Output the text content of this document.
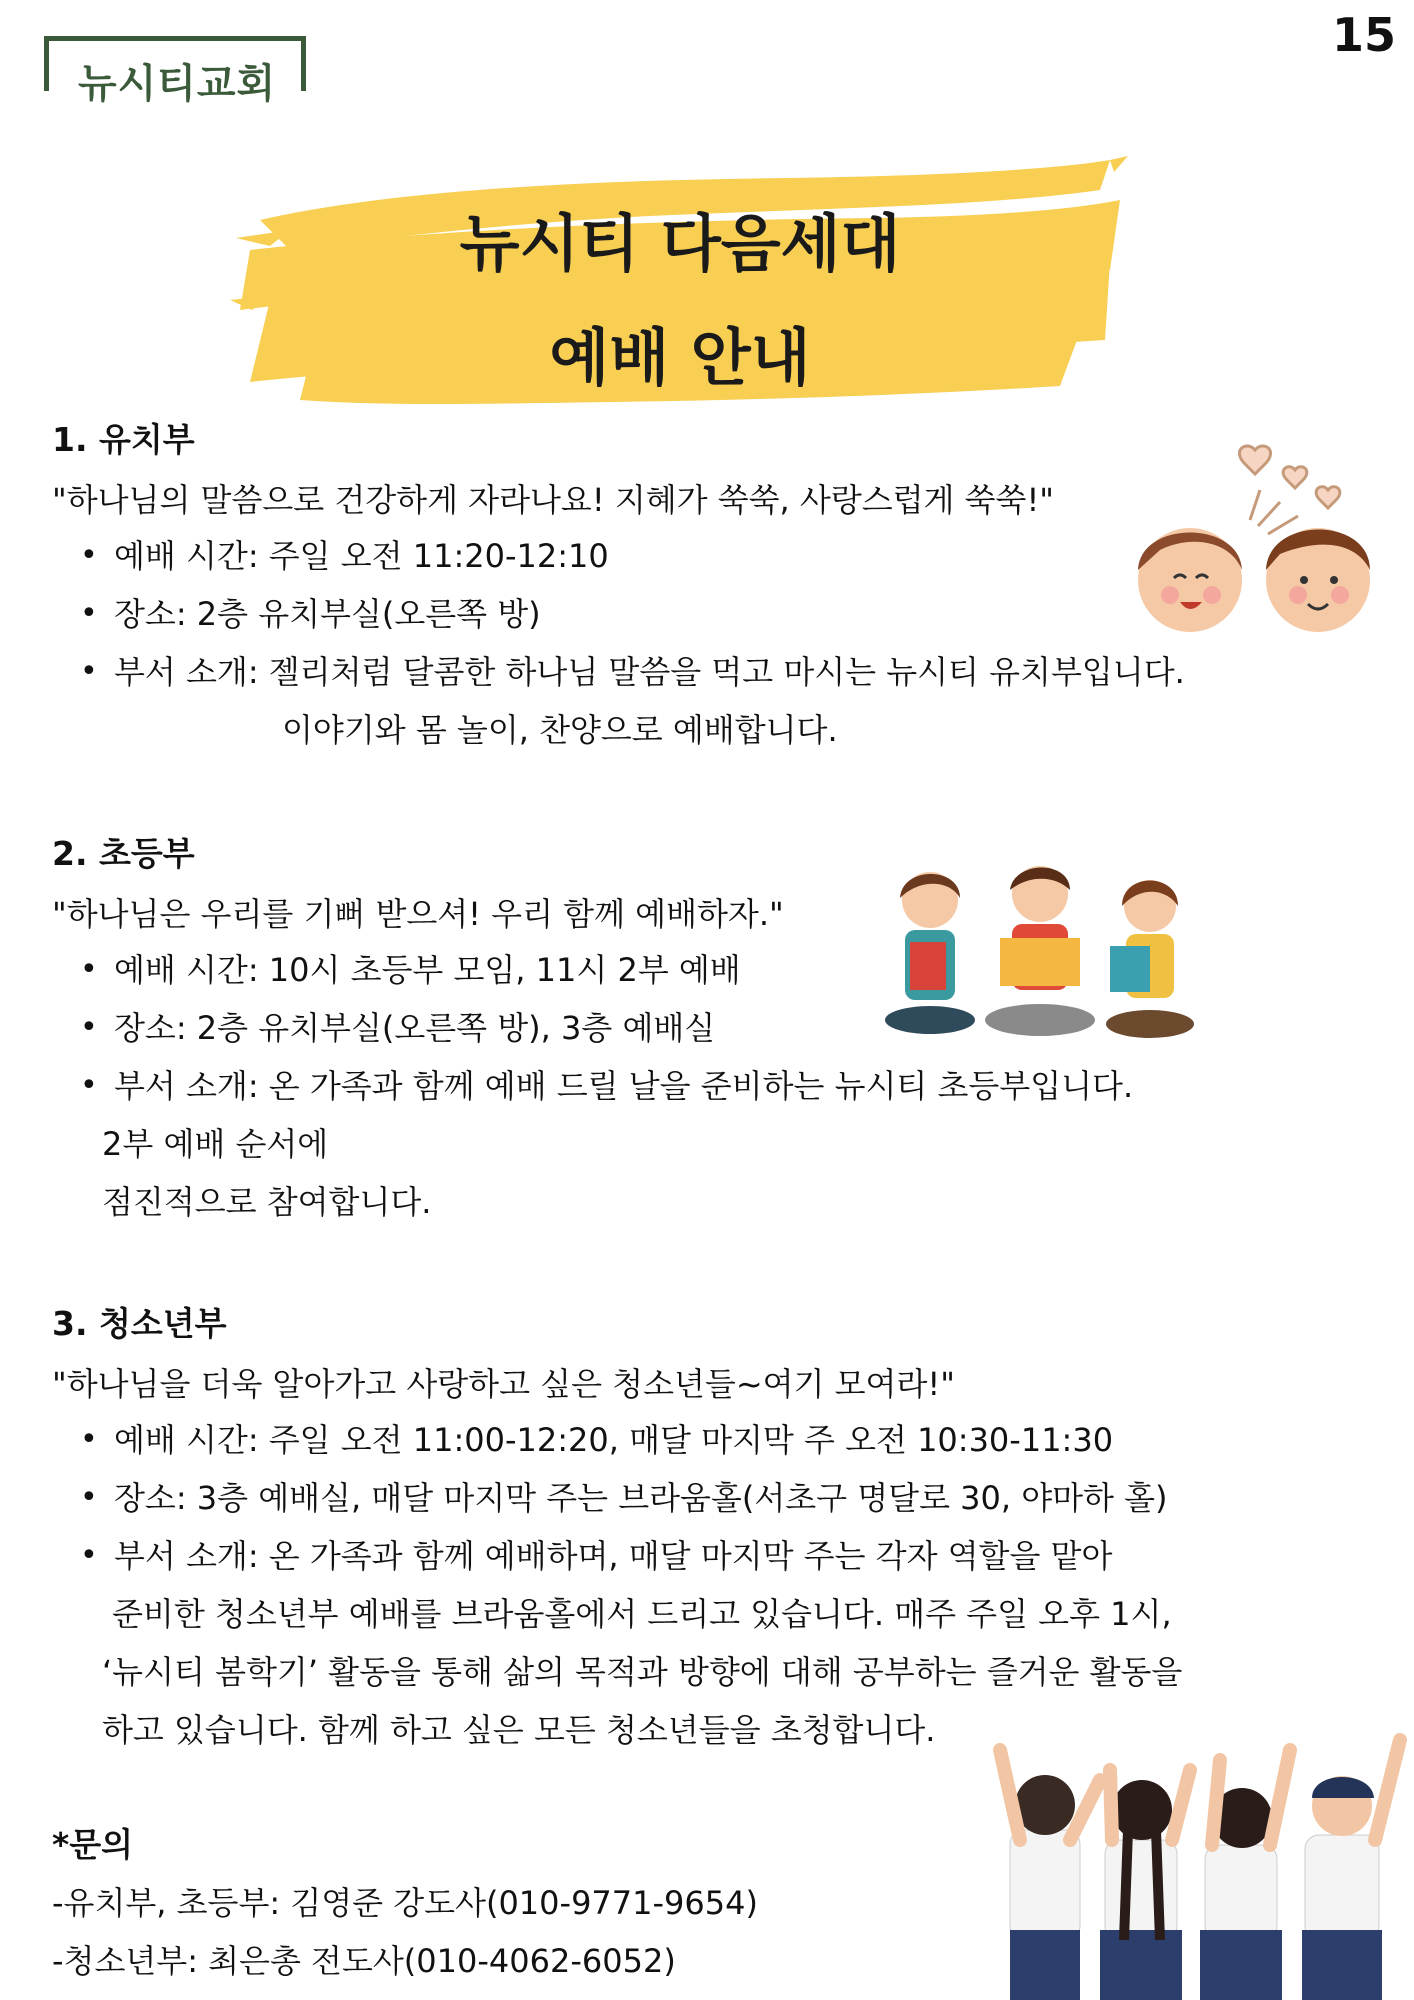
15
뉴시티교회
뉴시티 다음세대
예배 안내
1. 유치부
"하나님의 말씀으로 건강하게 자라나요! 지혜가 쑥쑥, 사랑스럽게 쑥쑥!"
• 예배 시간: 주일 오전 11:20-12:10
• 장소: 2층 유치부실(오른쪽 방)
• 부서 소개: 젤리처럼 달콤한 하나님 말씀을 먹고 마시는 뉴시티 유치부입니다.
이야기와 몸 놀이, 찬양으로 예배합니다.
2. 초등부
"하나님은 우리를 기뻐 받으셔! 우리 함께 예배하자."
• 예배 시간: 10시 초등부 모임, 11시 2부 예배
• 장소: 2층 유치부실(오른쪽 방), 3층 예배실
• 부서 소개: 온 가족과 함께 예배 드릴 날을 준비하는 뉴시티 초등부입니다.
2부 예배 순서에
점진적으로 참여합니다.
3. 청소년부
"하나님을 더욱 알아가고 사랑하고 싶은 청소년들~여기 모여라!"
• 예배 시간: 주일 오전 11:00-12:20, 매달 마지막 주 오전 10:30-11:30
• 장소: 3층 예배실, 매달 마지막 주는 브라움홀(서초구 명달로 30, 야마하 홀)
• 부서 소개: 온 가족과 함께 예배하며, 매달 마지막 주는 각자 역할을 맡아
준비한 청소년부 예배를 브라움홀에서 드리고 있습니다. 매주 주일 오후 1시,
‘뉴시티 봄학기’ 활동을 통해 삶의 목적과 방향에 대해 공부하는 즐거운 활동을
하고 있습니다. 함께 하고 싶은 모든 청소년들을 초청합니다.
*문의
-유치부, 초등부: 김영준 강도사(010-9771-9654)
-청소년부: 최은총 전도사(010-4062-6052)
